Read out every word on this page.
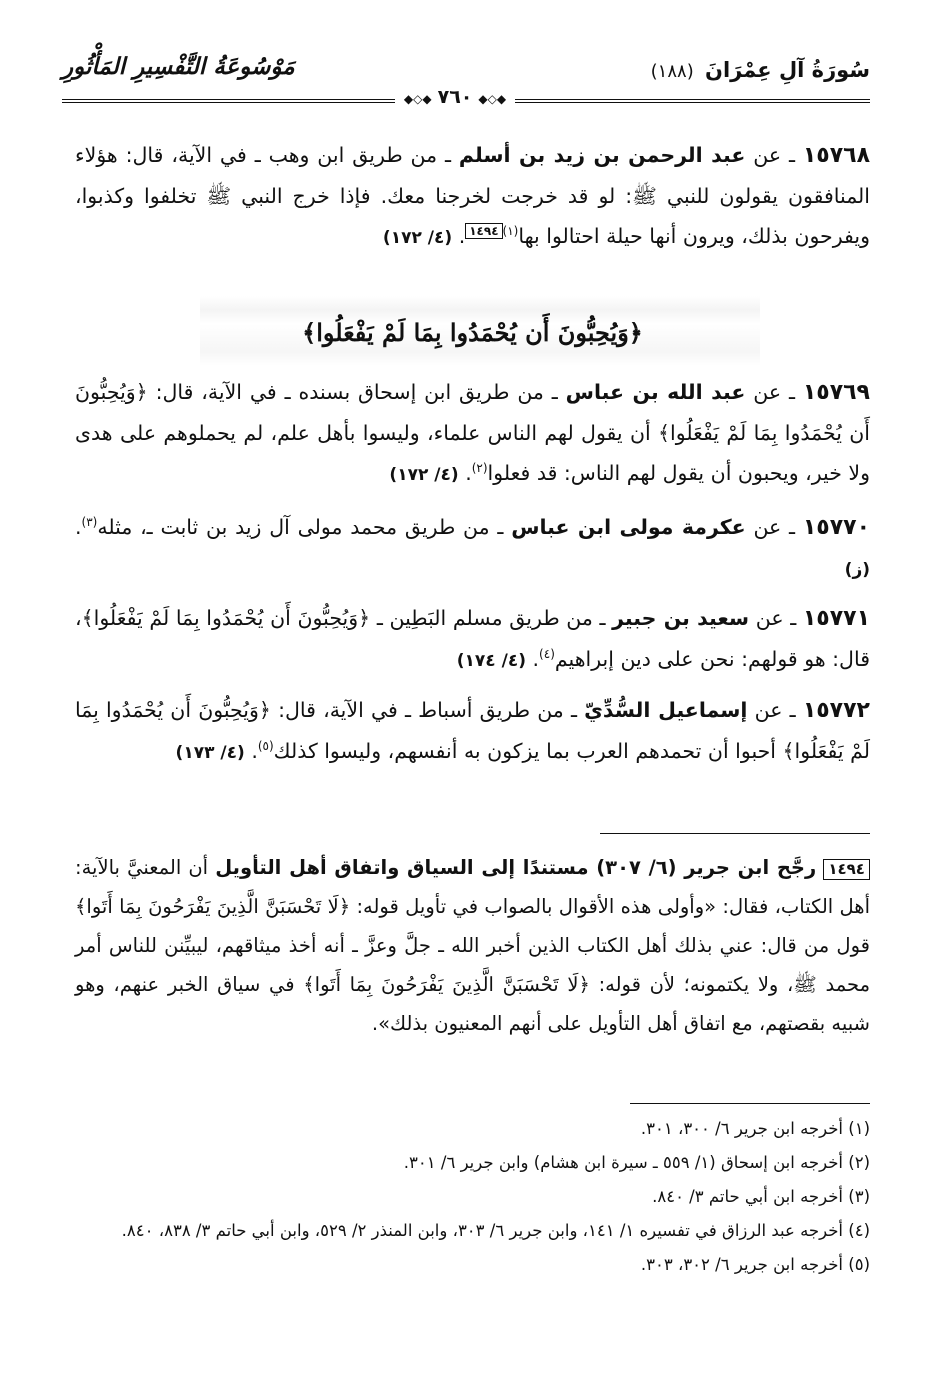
سُورَةُ آلِ عِمْرَانَ (١٨٨)
مَوْسُوعَةُ التَّفْسِيرِ المَأْثُورِ
◆◇◆٧٦٠◆◇◆
١٥٧٦٨ ـ عن عبد الرحمن بن زيد بن أسلم ـ من طريق ابن وهب ـ في الآية، قال: هؤلاء المنافقون يقولون للنبي ﷺ: لو قد خرجت لخرجنا معك. فإذا خرج النبي ﷺ تخلفوا وكذبوا، ويفرحون بذلك، ويرون أنها حيلة احتالوا بها$^{(١)}$١٤٩٤. (٤/ ١٧٢)
﴿وَيُحِبُّونَ أَن يُحْمَدُوا بِمَا لَمْ يَفْعَلُوا﴾
١٥٧٦٩ ـ عن عبد الله بن عباس ـ من طريق ابن إسحاق بسنده ـ في الآية، قال: ﴿وَيُحِبُّونَ أَن يُحْمَدُوا بِمَا لَمْ يَفْعَلُوا﴾ أن يقول لهم الناس علماء، وليسوا بأهل علم، لم يحملوهم على هدى ولا خير، ويحبون أن يقول لهم الناس: قد فعلوا$^{(٢)}$. (٤/ ١٧٢)
١٥٧٧٠ ـ عن عكرمة مولى ابن عباس ـ من طريق محمد مولى آل زيد بن ثابت ـ، مثله$^{(٣)}$. (ز)
١٥٧٧١ ـ عن سعيد بن جبير ـ من طريق مسلم البَطِين ـ ﴿وَيُحِبُّونَ أَن يُحْمَدُوا بِمَا لَمْ يَفْعَلُوا﴾، قال: هو قولهم: نحن على دين إبراهيم$^{(٤)}$. (٤/ ١٧٤)
١٥٧٧٢ ـ عن إسماعيل السُّدِّيّ ـ من طريق أسباط ـ في الآية، قال: ﴿وَيُحِبُّونَ أَن يُحْمَدُوا بِمَا لَمْ يَفْعَلُوا﴾ أحبوا أن تحمدهم العرب بما يزكون به أنفسهم، وليسوا كذلك$^{(٥)}$. (٤/ ١٧٣)
١٤٩٤ رجَّح ابن جرير (٦/ ٣٠٧) مستندًا إلى السياق واتفاق أهل التأويل أن المعنيَّ بالآية: أهل الكتاب، فقال: «وأولى هذه الأقوال بالصواب في تأويل قوله: ﴿لَا تَحْسَبَنَّ الَّذِينَ يَفْرَحُونَ بِمَا أَتَوا﴾ قول من قال: عني بذلك أهل الكتاب الذين أخبر الله ـ جلَّ وعزَّ ـ أنه أخذ ميثاقهم، ليبيِّنن للناس أمر محمد ﷺ، ولا يكتمونه؛ لأن قوله: ﴿لَا تَحْسَبَنَّ الَّذِينَ يَفْرَحُونَ بِمَا أَتَوا﴾ في سياق الخبر عنهم، وهو شبيه بقصتهم، مع اتفاق أهل التأويل على أنهم المعنيون بذلك».
(١) أخرجه ابن جرير ٦/ ٣٠٠، ٣٠١.
(٢) أخرجه ابن إسحاق (١/ ٥٥٩ ـ سيرة ابن هشام) وابن جرير ٦/ ٣٠١.
(٣) أخرجه ابن أبي حاتم ٣/ ٨٤٠.
(٤) أخرجه عبد الرزاق في تفسيره ١/ ١٤١، وابن جرير ٦/ ٣٠٣، وابن المنذر ٢/ ٥٢٩، وابن أبي حاتم ٣/ ٨٣٨، ٨٤٠.
(٥) أخرجه ابن جرير ٦/ ٣٠٢، ٣٠٣.
